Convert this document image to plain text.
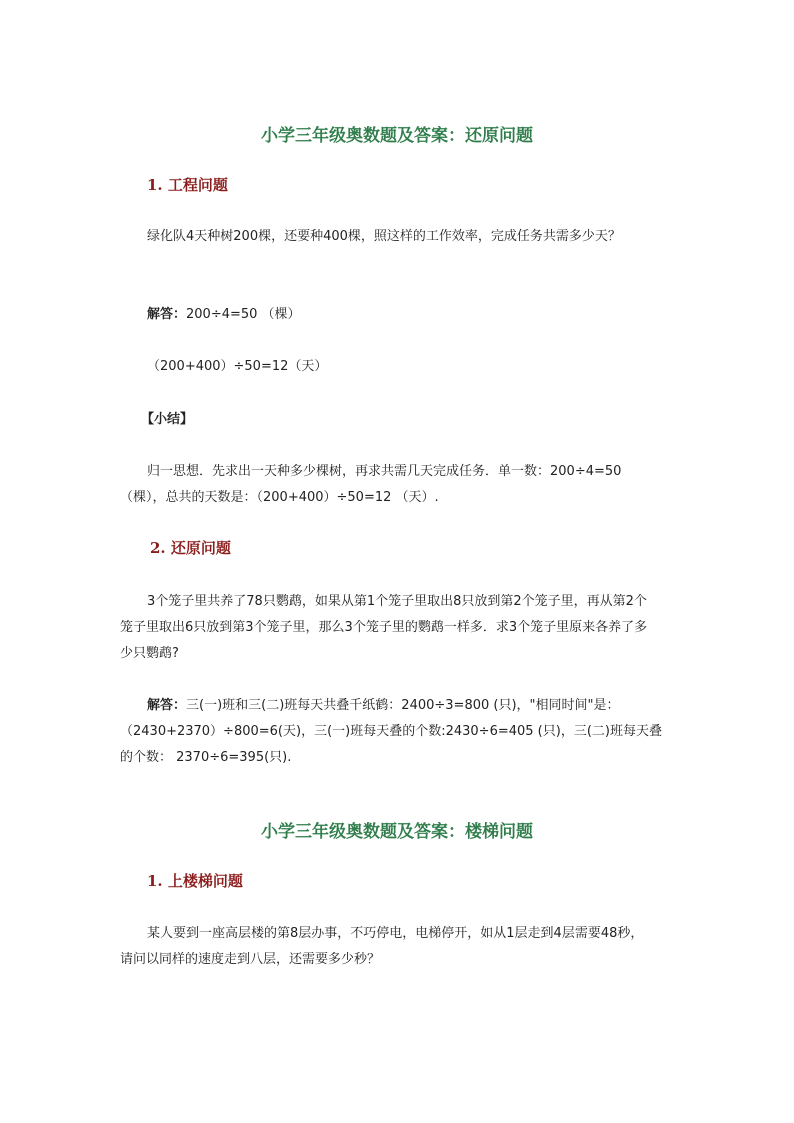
小学三年级奥数题及答案：还原问题
1. 工程问题

绿化队4天种树200棵，还要种400棵，照这样的工作效率，完成任务共需多少天？

解答：200÷4=50 （棵）

（200+400）÷50=12（天）

【小结】

归一思想．先求出一天种多少棵树，再求共需几天完成任务．单一数：200÷4=50
（棵），总共的天数是：（200+400）÷50=12 （天）.

2. 还原问题

3个笼子里共养了78只鹦鹉，如果从第1个笼子里取出8只放到第2个笼子里，再从第2个
笼子里取出6只放到第3个笼子里，那么3个笼子里的鹦鹉一样多．求3个笼子里原来各养了多
少只鹦鹉?

解答：三(一)班和三(二)班每天共叠千纸鹤：2400÷3=800 (只)，"相同时间"是：
（2430+2370）÷800=6(天)，三(一)班每天叠的个数:2430÷6=405 (只)，三(二)班每天叠
的个数： 2370÷6=395(只).

小学三年级奥数题及答案：楼梯问题
1. 上楼梯问题

某人要到一座高层楼的第8层办事，不巧停电，电梯停开，如从1层走到4层需要48秒，
请问以同样的速度走到八层，还需要多少秒？
